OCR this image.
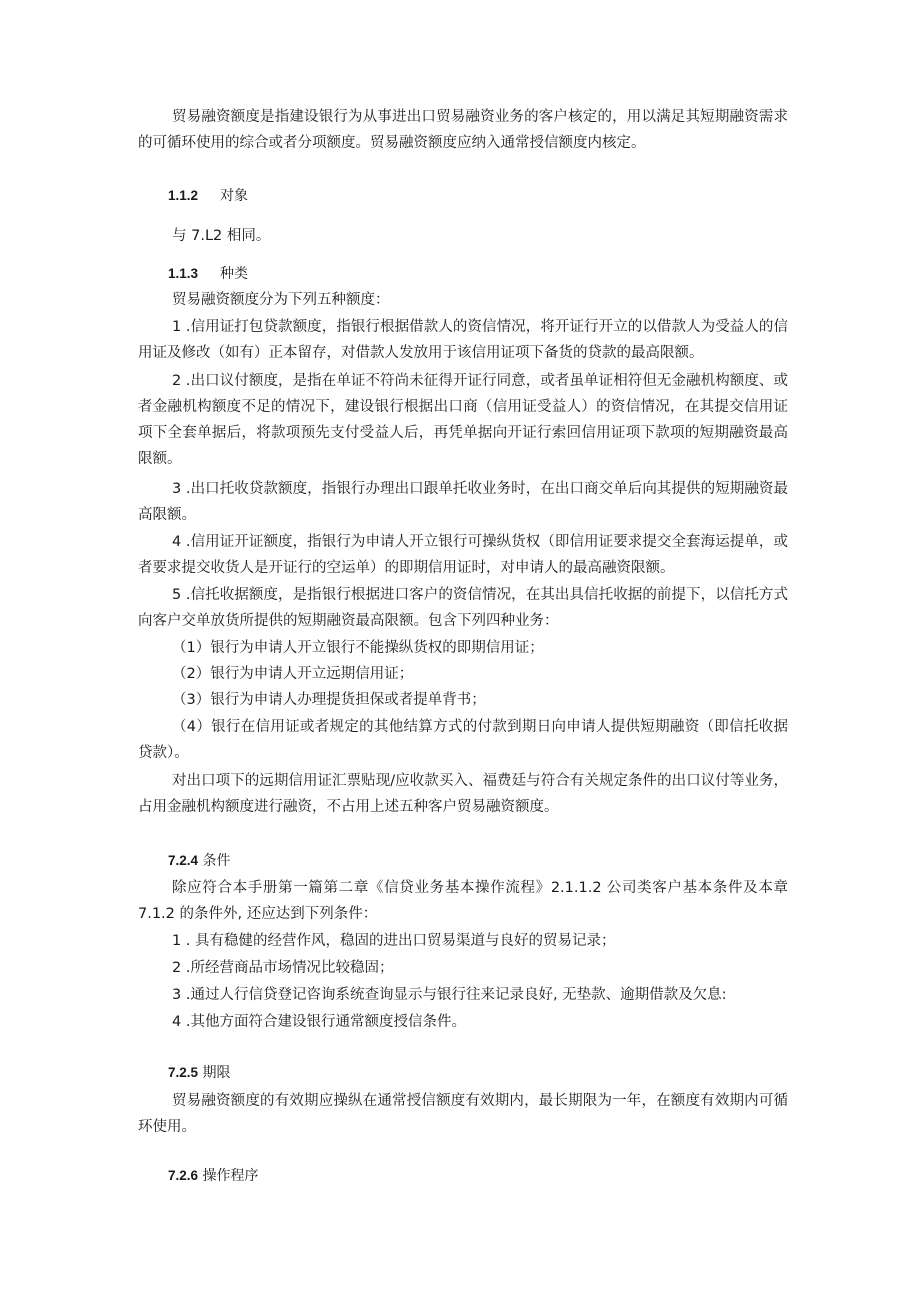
贸易融资额度是指建设银行为从事进出口贸易融资业务的客户核定的，用以满足其短期融资需求的可循环使用的综合或者分项额度。贸易融资额度应纳入通常授信额度内核定。

1.1.2 对象

与 7.L2 相同。

1.1.3 种类

贸易融资额度分为下列五种额度：

1 .信用证打包贷款额度，指银行根据借款人的资信情况，将开证行开立的以借款人为受益人的信用证及修改（如有）正本留存，对借款人发放用于该信用证项下备货的贷款的最高限额。

2 .出口议付额度，是指在单证不符尚未征得开证行同意，或者虽单证相符但无金融机构额度、或者金融机构额度不足的情况下，建设银行根据出口商（信用证受益人）的资信情况，在其提交信用证项下全套单据后，将款项预先支付受益人后，再凭单据向开证行索回信用证项下款项的短期融资最高限额。

3 .出口托收贷款额度，指银行办理出口跟单托收业务时，在出口商交单后向其提供的短期融资最高限额。

4 .信用证开证额度，指银行为申请人开立银行可操纵货权（即信用证要求提交全套海运提单，或者要求提交收货人是开证行的空运单）的即期信用证时，对申请人的最高融资限额。

5 .信托收据额度，是指银行根据进口客户的资信情况，在其出具信托收据的前提下，以信托方式向客户交单放货所提供的短期融资最高限额。包含下列四种业务：

（1）银行为申请人开立银行不能操纵货权的即期信用证；

（2）银行为申请人开立远期信用证；

（3）银行为申请人办理提货担保或者提单背书；

（4）银行在信用证或者规定的其他结算方式的付款到期日向申请人提供短期融资（即信托收据贷款）。

对出口项下的远期信用证汇票贴现/应收款买入、福费廷与符合有关规定条件的出口议付等业务，占用金融机构额度进行融资，不占用上述五种客户贸易融资额度。

7.2.4 条件

除应符合本手册第一篇第二章《信贷业务基本操作流程》2.1.1.2 公司类客户基本条件及本章 7.1.2 的条件外, 还应达到下列条件：

1 . 具有稳健的经营作风，稳固的进出口贸易渠道与良好的贸易记录；

2 .所经营商品市场情况比较稳固；

3 .通过人行信贷登记咨询系统查询显示与银行往来记录良好, 无垫款、逾期借款及欠息:

4 .其他方面符合建设银行通常额度授信条件。

7.2.5 期限

贸易融资额度的有效期应操纵在通常授信额度有效期内，最长期限为一年，在额度有效期内可循环使用。

7.2.6 操作程序
